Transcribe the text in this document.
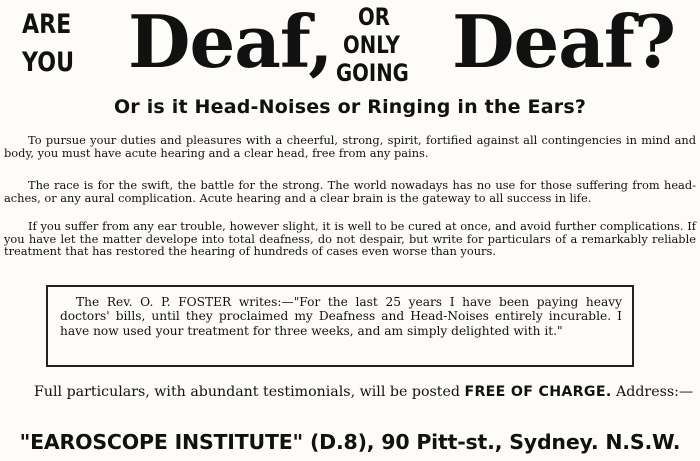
ARE
YOU Deaf, OR
ONLY
GOING Deaf?
Or is it Head-Noises or Ringing in the Ears?

To pursue your duties and pleasures with a cheerful, strong, spirit, fortified against all contingencies in mind and body, you must have acute hearing and a clear head, free from any pains.

The race is for the swift, the battle for the strong. The world nowadays has no use for those suffering from head-aches, or any aural complication. Acute hearing and a clear brain is the gateway to all success in life.

If you suffer from any ear trouble, however slight, it is well to be cured at once, and avoid further complications. If you have let the matter develope into total deafness, do not despair, but write for particulars of a remarkably reliable treatment that has restored the hearing of hundreds of cases even worse than yours.

The Rev. O. P. FOSTER writes:—"For the last 25 years I have been paying heavy doctors' bills, until they proclaimed my Deafness and Head-Noises entirely incurable. I have now used your treatment for three weeks, and am simply delighted with it."

Full particulars, with abundant testimonials, will be posted FREE OF CHARGE. Address:—

"EAROSCOPE INSTITUTE" (D.8), 90 Pitt-st., Sydney. N.S.W.
